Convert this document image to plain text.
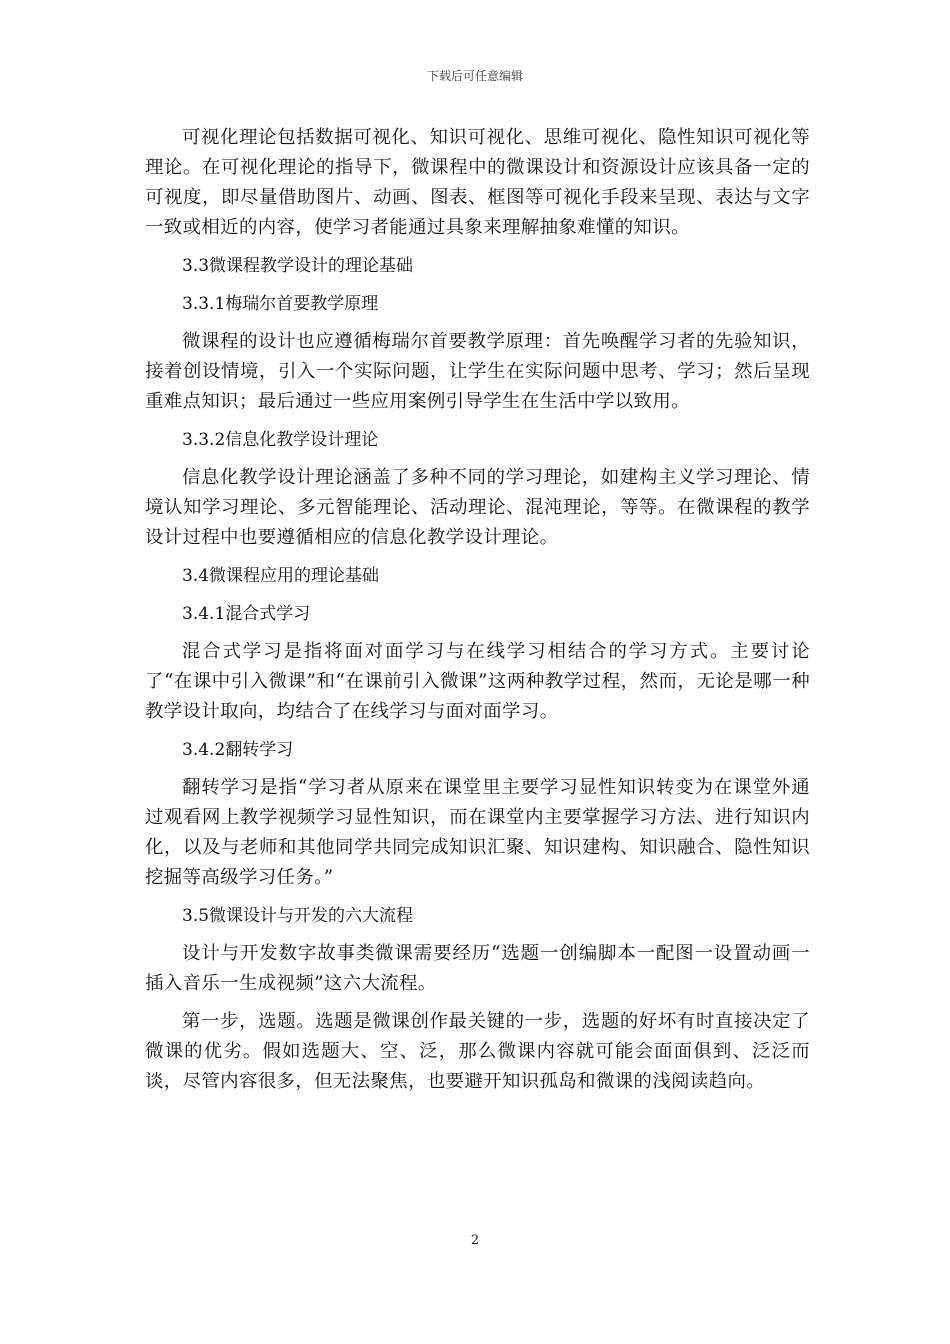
下载后可任意编辑

可视化理论包括数据可视化、知识可视化、思维可视化、隐性知识可视化等理论。在可视化理论的指导下，微课程中的微课设计和资源设计应该具备一定的可视度，即尽量借助图片、动画、图表、框图等可视化手段来呈现、表达与文字一致或相近的内容，使学习者能通过具象来理解抽象难懂的知识。

3.3微课程教学设计的理论基础

3.3.1梅瑞尔首要教学原理

微课程的设计也应遵循梅瑞尔首要教学原理：首先唤醒学习者的先验知识，接着创设情境，引入一个实际问题，让学生在实际问题中思考、学习；然后呈现重难点知识；最后通过一些应用案例引导学生在生活中学以致用。

3.3.2信息化教学设计理论

信息化教学设计理论涵盖了多种不同的学习理论，如建构主义学习理论、情境认知学习理论、多元智能理论、活动理论、混沌理论，等等。在微课程的教学设计过程中也要遵循相应的信息化教学设计理论。

3.4微课程应用的理论基础

3.4.1混合式学习

混合式学习是指将面对面学习与在线学习相结合的学习方式。主要讨论了“在课中引入微课”和“在课前引入微课”这两种教学过程，然而，无论是哪一种教学设计取向，均结合了在线学习与面对面学习。

3.4.2翻转学习

翻转学习是指“学习者从原来在课堂里主要学习显性知识转变为在课堂外通过观看网上教学视频学习显性知识，而在课堂内主要掌握学习方法、进行知识内化，以及与老师和其他同学共同完成知识汇聚、知识建构、知识融合、隐性知识挖掘等高级学习任务。”

3.5微课设计与开发的六大流程

设计与开发数字故事类微课需要经历“选题一创编脚本一配图一设置动画一插入音乐一生成视频”这六大流程。

第一步，选题。选题是微课创作最关键的一步，选题的好坏有时直接决定了微课的优劣。假如选题大、空、泛，那么微课内容就可能会面面俱到、泛泛而谈，尽管内容很多，但无法聚焦，也要避开知识孤岛和微课的浅阅读趋向。

2
